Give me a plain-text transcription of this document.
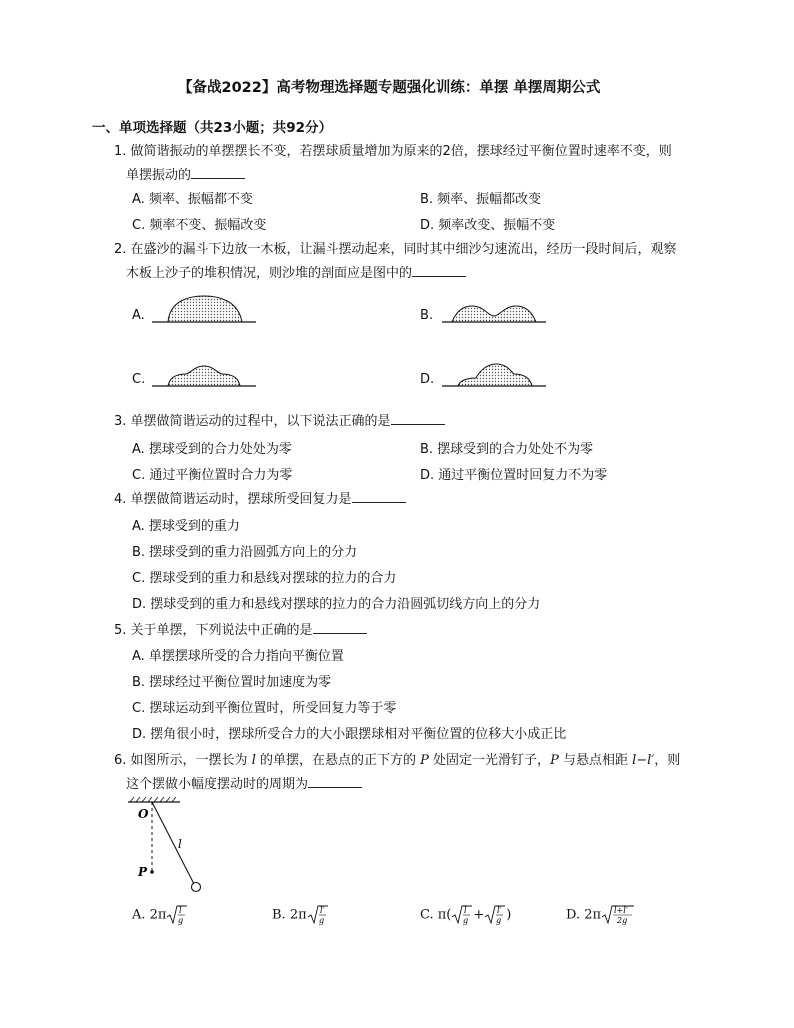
【备战2022】高考物理选择题专题强化训练：单摆 单摆周期公式
一、单项选择题（共23小题；共92分）
1. 做简谐振动的单摆摆长不变，若摆球质量增加为原来的2倍，摆球经过平衡位置时速率不变，则
单摆振动的
A. 频率、振幅都不变	B. 频率、振幅都改变
C. 频率不变、振幅改变	D. 频率改变、振幅不变
2. 在盛沙的漏斗下边放一木板，让漏斗摆动起来，同时其中细沙匀速流出，经历一段时间后，观察
木板上沙子的堆积情况，则沙堆的剖面应是图中的
A.	B.
C.	D.
3. 单摆做简谐运动的过程中，以下说法正确的是
A. 摆球受到的合力处处为零	B. 摆球受到的合力处处不为零
C. 通过平衡位置时合力为零	D. 通过平衡位置时回复力不为零
4. 单摆做简谐运动时，摆球所受回复力是
A. 摆球受到的重力
B. 摆球受到的重力沿圆弧方向上的分力
C. 摆球受到的重力和悬线对摆球的拉力的合力
D. 摆球受到的重力和悬线对摆球的拉力的合力沿圆弧切线方向上的分力
5. 关于单摆，下列说法中正确的是
A. 单摆摆球所受的合力指向平衡位置
B. 摆球经过平衡位置时加速度为零
C. 摆球运动到平衡位置时，所受回复力等于零
D. 摆角很小时，摆球所受合力的大小跟摆球相对平衡位置的位移大小成正比
6. 如图所示，一摆长为 l 的单摆，在悬点的正下方的 P 处固定一光滑钉子，P 与悬点相距 l−l′，则
这个摆做小幅度摆动时的周期为
O
l
P
A. 2π l
g	B. 2π l′
g	C. π( l
g + l′
g )	D. 2π l+l′
2g
